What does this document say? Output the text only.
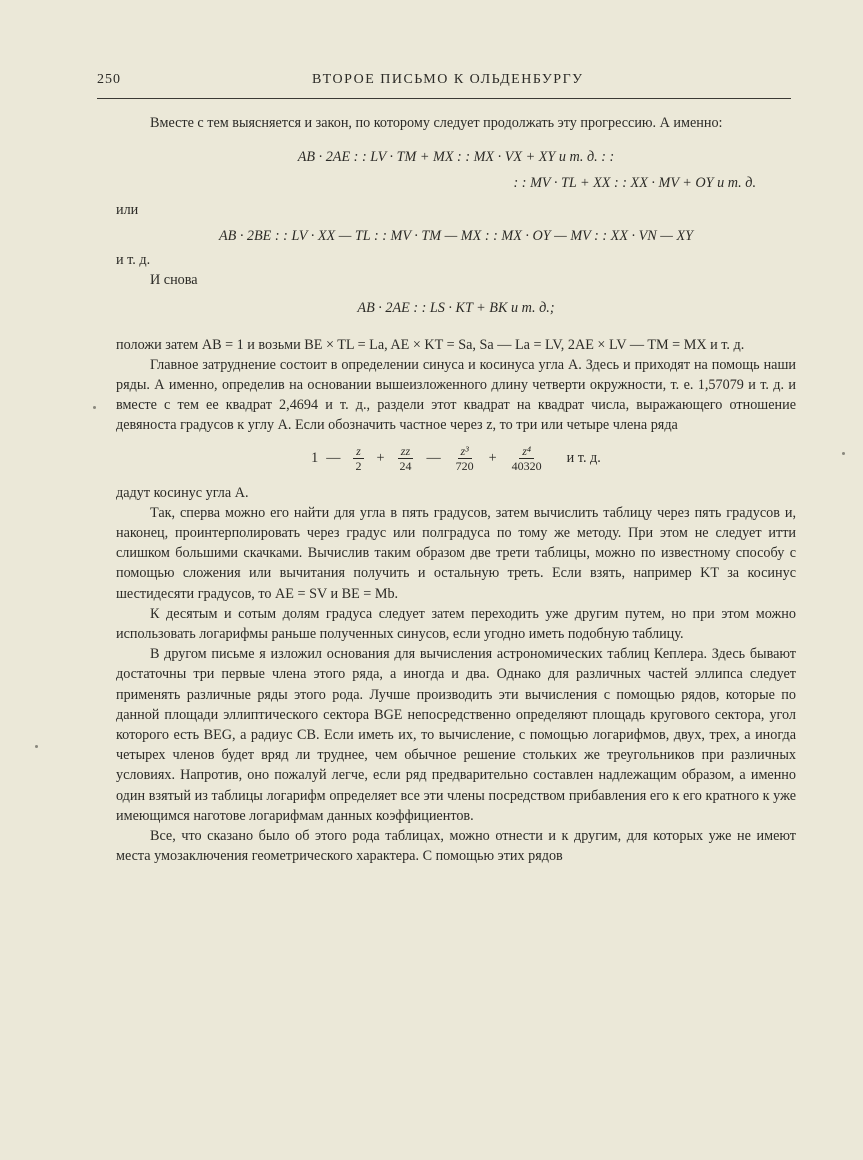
250	ВТОРОЕ ПИСЬМО К ОЛЬДЕНБУРГУ

Вместе с тем выясняется и закон, по которому следует продолжать эту прогрессию. А именно:

AB · 2AE : : LV · TM + MX : : MX · VX + XY и т. д. : :

: : MV · TL + XX : : XX · MV + OY и т. д.

или

AB · 2BE : : LV · XX — TL : : MV · TM — MX : : MX · OY — MV : : XX · VN — XY

и т. д.

И снова

AB · 2AE : : LS · KT + BK и т. д.;

положи затем AB = 1 и возьми BE × TL = La, AE × KT = Sa, Sa — La = LV, 2AE × LV — TM = MX и т. д.

Главное затруднение состоит в определении синуса и косинуса угла A. Здесь и приходят на помощь наши ряды. А именно, определив на основании вышеизложенного длину четверти окружности, т. е. 1,57079 и т. д. и вместе с тем ее квадрат 2,4694 и т. д., раздели этот квадрат на квадрат числа, выражающего отношение девяноста градусов к углу A. Если обозначить частное через z, то три или четыре члена ряда

1 — $\frac{z}{2} + \frac{zz}{24}$ — $\frac{\text{z³}}{720} + \frac{\text{z⁴}}{40320}$ и т. д.

дадут косинус угла A.

Так, сперва можно его найти для угла в пять градусов, затем вычислить таблицу через пять градусов и, наконец, проинтерполировать через градус или полградуса по тому же методу. При этом не следует итти слишком большими скачками. Вычислив таким образом две трети таблицы, можно по известному способу с помощью сложения или вычитания получить и остальную треть. Если взять, например KT за косинус шестидесяти градусов, то AE = SV и BE = Mb.

К десятым и сотым долям градуса следует затем переходить уже другим путем, но при этом можно использовать логарифмы раньше полученных синусов, если угодно иметь подобную таблицу.

В другом письме я изложил основания для вычисления астрономических таблиц Кеплера. Здесь бывают достаточны три первые члена этого ряда, а иногда и два. Однако для различных частей эллипса следует применять различные ряды этого рода. Лучше производить эти вычисления с помощью рядов, которые по данной площади эллиптического сектора BGE непосредственно определяют площадь кругового сектора, угол которого есть BEG, а радиус CB. Если иметь их, то вычисление, с помощью логарифмов, двух, трех, а иногда четырех членов будет вряд ли труднее, чем обычное решение стольких же треугольников при различных условиях. Напротив, оно пожалуй легче, если ряд предварительно составлен надлежащим образом, а именно один взятый из таблицы логарифм определяет все эти члены посредством прибавления его к его кратного к уже имеющимся наготове логарифмам данных коэффициентов.

Все, что сказано было об этого рода таблицах, можно отнести и к другим, для которых уже не имеют места умозаключения геометрического характера. С помощью этих рядов
